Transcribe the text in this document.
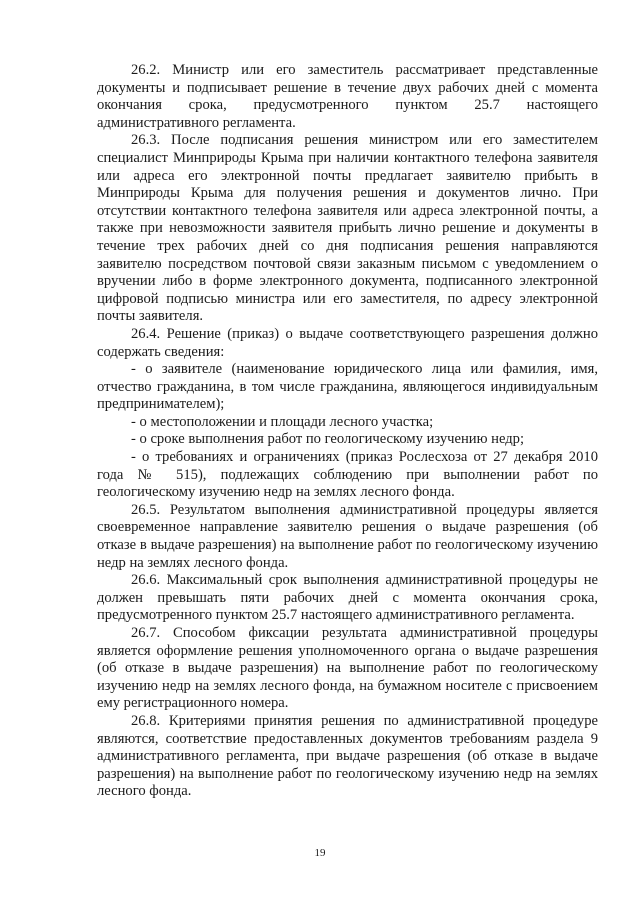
26.2. Министр или его заместитель рассматривает представленные документы и подписывает решение в течение двух рабочих дней с момента окончания срока, предусмотренного пунктом 25.7 настоящего административного регламента.

26.3. После подписания решения министром или его заместителем специалист Минприроды Крыма при наличии контактного телефона заявителя или адреса его электронной почты предлагает заявителю прибыть в Минприроды Крыма для получения решения и документов лично. При отсутствии контактного телефона заявителя или адреса электронной почты, а также при невозможности заявителя прибыть лично решение и документы в течение трех рабочих дней со дня подписания решения направляются заявителю посредством почтовой связи заказным письмом с уведомлением о вручении либо в форме электронного документа, подписанного электронной цифровой подписью министра или его заместителя, по адресу электронной почты заявителя.

26.4. Решение (приказ) о выдаче соответствующего разрешения должно содержать сведения:

- о заявителе (наименование юридического лица или фамилия, имя, отчество гражданина, в том числе гражданина, являющегося индивидуальным предпринимателем);

- о местоположении и площади лесного участка;

- о сроке выполнения работ по геологическому изучению недр;

- о требованиях и ограничениях (приказ Рослесхоза от 27 декабря 2010 года № 515), подлежащих соблюдению при выполнении работ по геологическому изучению недр на землях лесного фонда.

26.5. Результатом выполнения административной процедуры является своевременное направление заявителю решения о выдаче разрешения (об отказе в выдаче разрешения) на выполнение работ по геологическому изучению недр на землях лесного фонда.

26.6. Максимальный срок выполнения административной процедуры не должен превышать пяти рабочих дней с момента окончания срока, предусмотренного пунктом 25.7 настоящего административного регламента.

26.7. Способом фиксации результата административной процедуры является оформление решения уполномоченного органа о выдаче разрешения (об отказе в выдаче разрешения) на выполнение работ по геологическому изучению недр на землях лесного фонда, на бумажном носителе с присвоением ему регистрационного номера.

26.8. Критериями принятия решения по административной процедуре являются, соответствие предоставленных документов требованиям раздела 9 административного регламента, при выдаче разрешения (об отказе в выдаче разрешения) на выполнение работ по геологическому изучению недр на землях лесного фонда.

19
